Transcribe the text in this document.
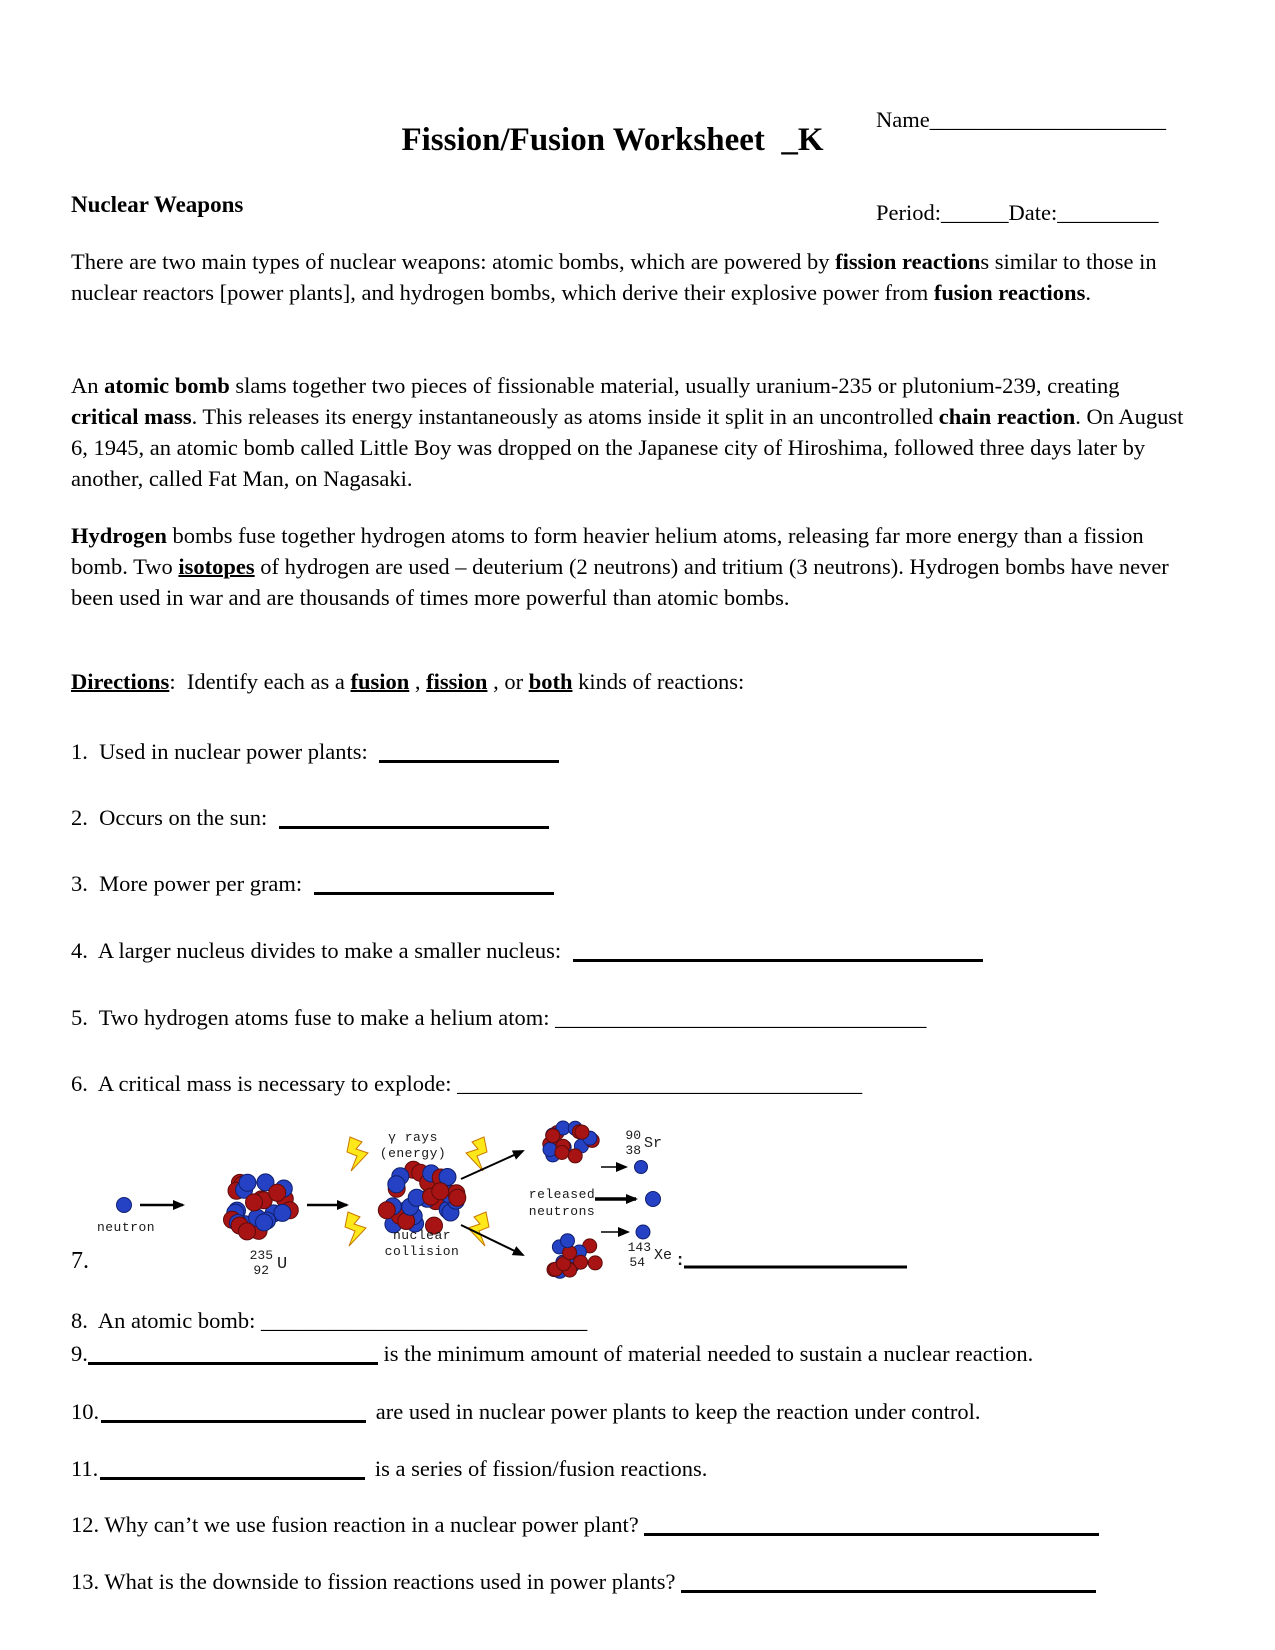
Name_____________________

Period:______Date:_________

Fission/Fusion Worksheet  _K
Nuclear Weapons
There are two main types of nuclear weapons: atomic bombs, which are powered by fission reactions similar to those in nuclear reactors [power plants], and hydrogen bombs, which derive their explosive power from fusion reactions.
An atomic bomb slams together two pieces of fissionable material, usually uranium-235 or plutonium-239, creating critical mass. This releases its energy instantaneously as atoms inside it split in an uncontrolled chain reaction. On August 6, 1945, an atomic bomb called Little Boy was dropped on the Japanese city of Hiroshima, followed three days later by another, called Fat Man, on Nagasaki.
Hydrogen bombs fuse together hydrogen atoms to form heavier helium atoms, releasing far more energy than a fission bomb. Two isotopes of hydrogen are used – deuterium (2 neutrons) and tritium (3 neutrons). Hydrogen bombs have never been used in war and are thousands of times more powerful than atomic bombs.
Directions:  Identify each as a fusion , fission , or both kinds of reactions:
1.  Used in nuclear power plants:
2.  Occurs on the sun:
3.  More power per gram:
4.  A larger nucleus divides to make a smaller nucleus:
5.  Two hydrogen atoms fuse to make a helium atom: _________________________________
6.  A critical mass is necessary to explode: ____________________________________
neutron
235
92 U
γ rays
(energy)
nuclear
collision
90
38 Sr
released
neutrons
143
54 Xe :
7.
8.  An atomic bomb: _____________________________
9.	is the minimum amount of material needed to sustain a nuclear reaction.
10.	are used in nuclear power plants to keep the reaction under control.
11.	is a series of fission/fusion reactions.
12. Why can’t we use fusion reaction in a nuclear power plant?
13. What is the downside to fission reactions used in power plants?
